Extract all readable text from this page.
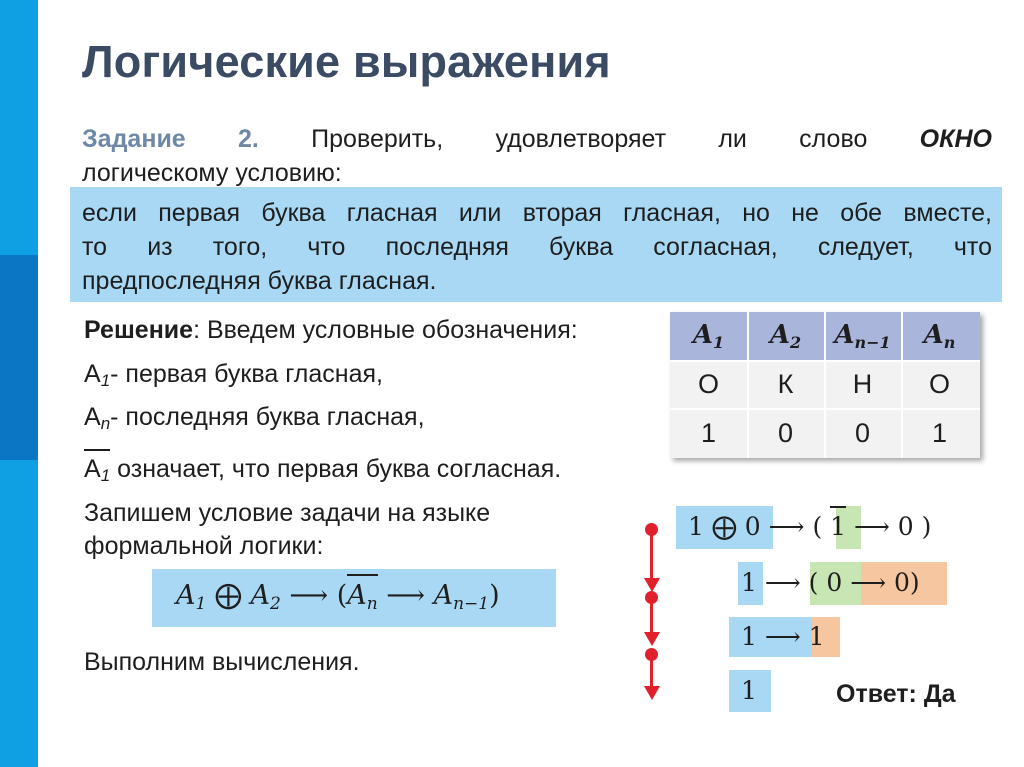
Логические выражения
Задание 2. Проверить, удовлетворяет ли слово ОКНО
логическому условию:
если первая буква гласная или вторая гласная, но не обе вместе,
то из того, что последняя буква согласная, следует, что
предпоследняя буква гласная.
Решение: Введем условные обозначения:
$А_1-$ первая буква гласная,
$А_n-$ последняя буква гласная,
$А_1$ означает, что первая буква согласная.
Запишем условие задачи на языке
формальной логики:
$A_1$ ⨁ $A_2$ ⟶ ($A_n$ ⟶ $A_{n-1}$)
Выполним вычисления.
$A_1$	$A_2$	$A_{n-1}$	$A_n$
О	К	Н	О
1	0	0	1
1 ⨁ 0 ⟶ ( 1 ⟶ 0 )
1 ⟶ ( 0 ⟶ 0)
1 ⟶ 1
1	Ответ: Да
